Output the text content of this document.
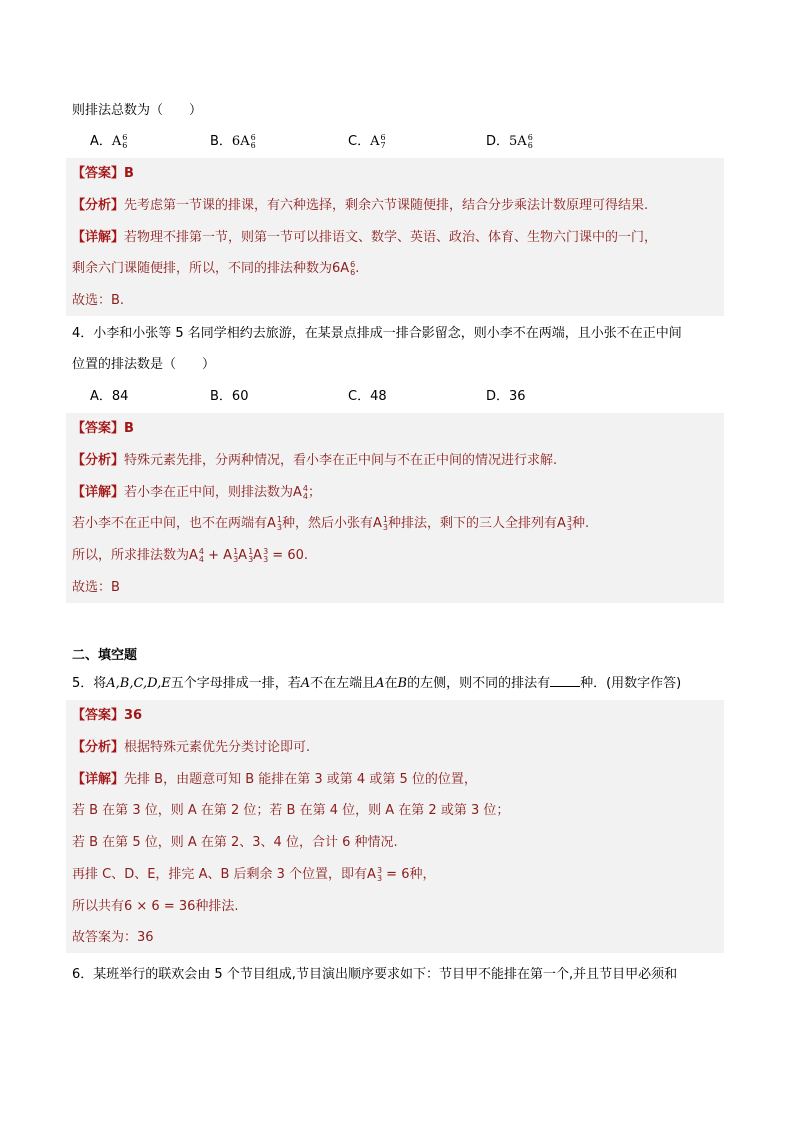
则排法总数为（　　）
A．A 6
6	B．6A 6
6	C．A 6
7	D．5A 6
6
【答案】B
【分析】先考虑第一节课的排课，有六种选择，剩余六节课随便排，结合分步乘法计数原理可得结果.
【详解】若物理不排第一节，则第一节可以排语文、数学、英语、政治、体育、生物六门课中的一门，
剩余六门课随便排，所以，不同的排法种数为6A 6
6 .
故选：B.
4．小李和小张等 5 名同学相约去旅游，在某景点排成一排合影留念，则小李不在两端，且小张不在正中间
位置的排法数是（　　）
A．84	B．60	C．48	D．36
【答案】B
【分析】特殊元素先排，分两种情况，看小李在正中间与不在正中间的情况进行求解.
【详解】若小李在正中间，则排法数为A 4
4 ；
若小李不在正中间，也不在两端有A 1
3 种，然后小张有A 1
3 种排法，剩下的三人全排列有A 3
3 种.
所以，所求排法数为A 4
4 + A 1
3 A 1
3 A 3
3 = 60.
故选：B
二、填空题
5．将A,B,C,D,E五个字母排成一排，若A不在左端且A在B的左侧，则不同的排法有 种．(用数字作答)
【答案】36
【分析】根据特殊元素优先分类讨论即可.
【详解】先排 B，由题意可知 B 能排在第 3 或第 4 或第 5 位的位置，
若 B 在第 3 位，则 A 在第 2 位；若 B 在第 4 位，则 A 在第 2 或第 3 位；
若 B 在第 5 位，则 A 在第 2、3、4 位，合计 6 种情况.
再排 C、D、E，排完 A、B 后剩余 3 个位置，即有A 3
3 = 6种，
所以共有6 × 6 = 36种排法.
故答案为：36
6．某班举行的联欢会由 5 个节目组成,节目演出顺序要求如下：节目甲不能排在第一个,并且节目甲必须和
